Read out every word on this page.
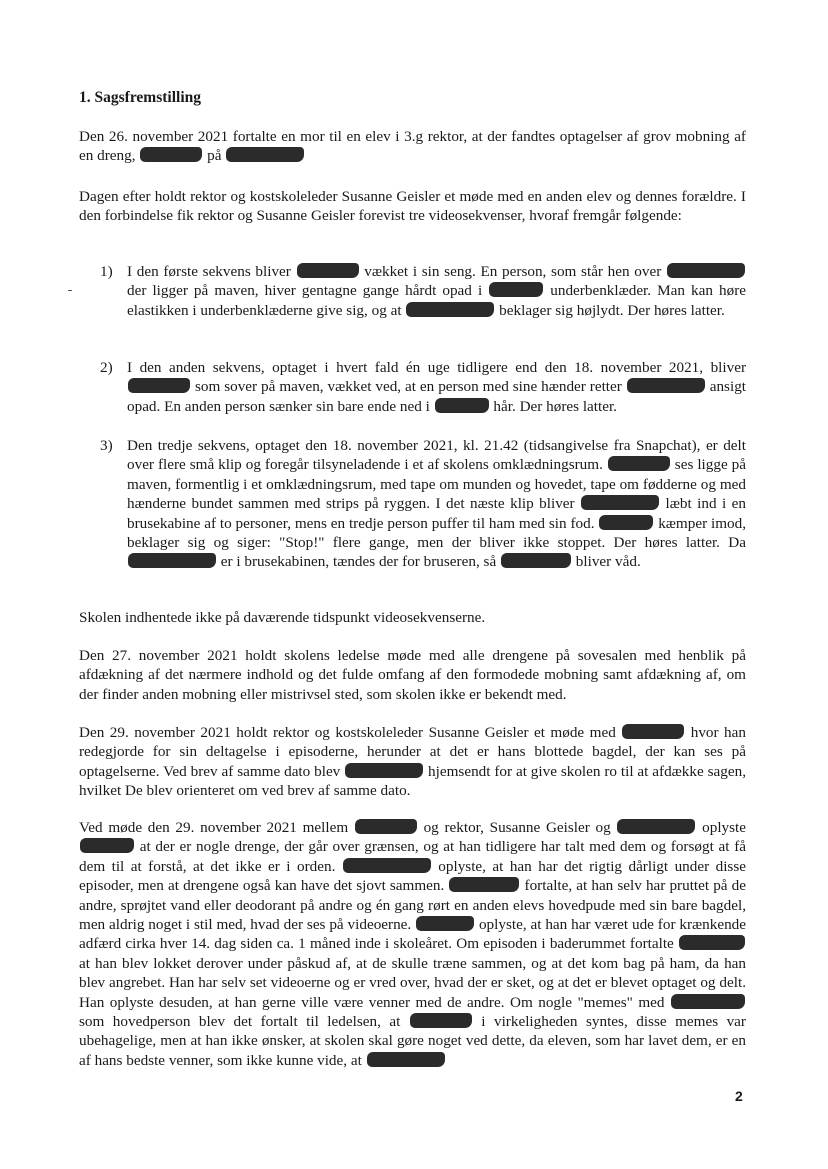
1. Sagsfremstilling

Den 26. november 2021 fortalte en mor til en elev i 3.g rektor, at der fandtes optagelser af grov mobning af en dreng,	på

Dagen efter holdt rektor og kostskoleleder Susanne Geisler et møde med en anden elev og dennes forældre. I den forbindelse fik rektor og Susanne Geisler forevist tre videosekvenser, hvoraf fremgår følgende:

1) I den første sekvens bliver	vækket i sin seng. En person, som står hen over  der ligger på maven, hiver gentagne gange hårdt opad i	underbenklæder. Man kan høre elastikken i underbenklæderne give sig, og at	beklager sig højlydt. Der høres latter.
2) I den anden sekvens, optaget i hvert fald én uge tidligere end den 18. november 2021, bliver  som sover på maven, vækket ved, at en person med sine hænder retter	ansigt opad. En anden person sænker sin bare ende ned i	hår. Der høres latter.
3) Den tredje sekvens, optaget den 18. november 2021, kl. 21.42 (tidsangivelse fra Snapchat), er delt over flere små klip og foregår tilsyneladende i et af skolens omklædningsrum.	ses ligge på maven, formentlig i et omklædningsrum, med tape om munden og hovedet, tape om fødderne og med hænderne bundet sammen med strips på ryggen. I det næste klip bliver	læbt ind i en brusekabine af to personer, mens en tredje person puffer til ham med sin fod.	kæmper imod, beklager sig og siger: "Stop!" flere gange, men der bliver ikke stoppet. Der høres latter. Da  er i brusekabinen, tændes der for bruseren, så	bliver våd.

Skolen indhentede ikke på daværende tidspunkt videosekvenserne.

Den 27. november 2021 holdt skolens ledelse møde med alle drengene på sovesalen med henblik på afdækning af det nærmere indhold og det fulde omfang af den formodede mobning samt afdækning af, om der finder anden mobning eller mistrivsel sted, som skolen ikke er bekendt med.

Den 29. november 2021 holdt rektor og kostskoleleder Susanne Geisler et møde med	hvor han redegjorde for sin deltagelse i episoderne, herunder at det er hans blottede bagdel, der kan ses på optagelserne. Ved brev af samme dato blev	hjemsendt for at give skolen ro til at afdække sagen, hvilket De blev orienteret om ved brev af samme dato.

Ved møde den 29. november 2021 mellem	og rektor, Susanne Geisler og	oplyste  at der er nogle drenge, der går over grænsen, og at han tidligere har talt med dem og forsøgt at få dem til at forstå, at det ikke er i orden.	oplyste, at han har det rigtig dårligt under disse episoder, men at drengene også kan have det sjovt sammen.	fortalte, at han selv har pruttet på de andre, sprøjtet vand eller deodorant på andre og én gang rørt en anden elevs hovedpude med sin bare bagdel, men aldrig noget i stil med, hvad der ses på videoerne.	oplyste, at han har været ude for krænkende adfærd cirka hver 14. dag siden ca. 1 måned inde i skoleåret. Om episoden i baderummet fortalte  at han blev lokket derover under påskud af, at de skulle træne sammen, og at det kom bag på ham, da han blev angrebet. Han har selv set videoerne og er vred over, hvad der er sket, og at det er blevet optaget og delt. Han oplyste desuden, at han gerne ville være venner med de andre. Om nogle "memes" med  som hovedperson blev det fortalt til ledelsen, at	i virkeligheden syntes, disse memes var ubehagelige, men at han ikke ønsker, at skolen skal gøre noget ved dette, da eleven, som har lavet dem, er en af hans bedste venner, som ikke kunne vide, at

2
